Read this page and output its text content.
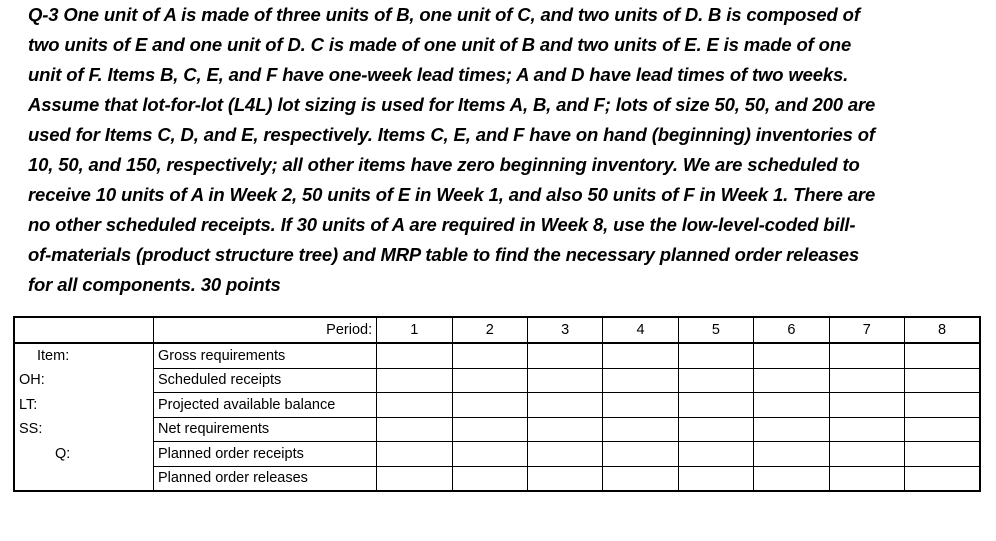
Q-3 One unit of A is made of three units of B, one unit of C, and two units of D. B is composed of
two units of E and one unit of D. C is made of one unit of B and two units of E. E is made of one
unit of F. Items B, C, E, and F have one-week lead times; A and D have lead times of two weeks.
Assume that lot-for-lot (L4L) lot sizing is used for Items A, B, and F; lots of size 50, 50, and 200 are
used for Items C, D, and E, respectively. Items C, E, and F have on hand (beginning) inventories of
10, 50, and 150, respectively; all other items have zero beginning inventory. We are scheduled to
receive 10 units of A in Week 2, 50 units of E in Week 1, and also 50 units of F in Week 1. There are
no other scheduled receipts. If 30 units of A are required in Week 8, use the low-level-coded bill-
of-materials (product structure tree) and MRP table to find the necessary planned order releases
for all components. 30 points
	Period:	1	2	3	4	5	6	7	8
Item:	Gross requirements								
OH:	Scheduled receipts								
LT:	Projected available balance								
SS:	Net requirements								
Q:	Planned order receipts								
	Planned order releases								
